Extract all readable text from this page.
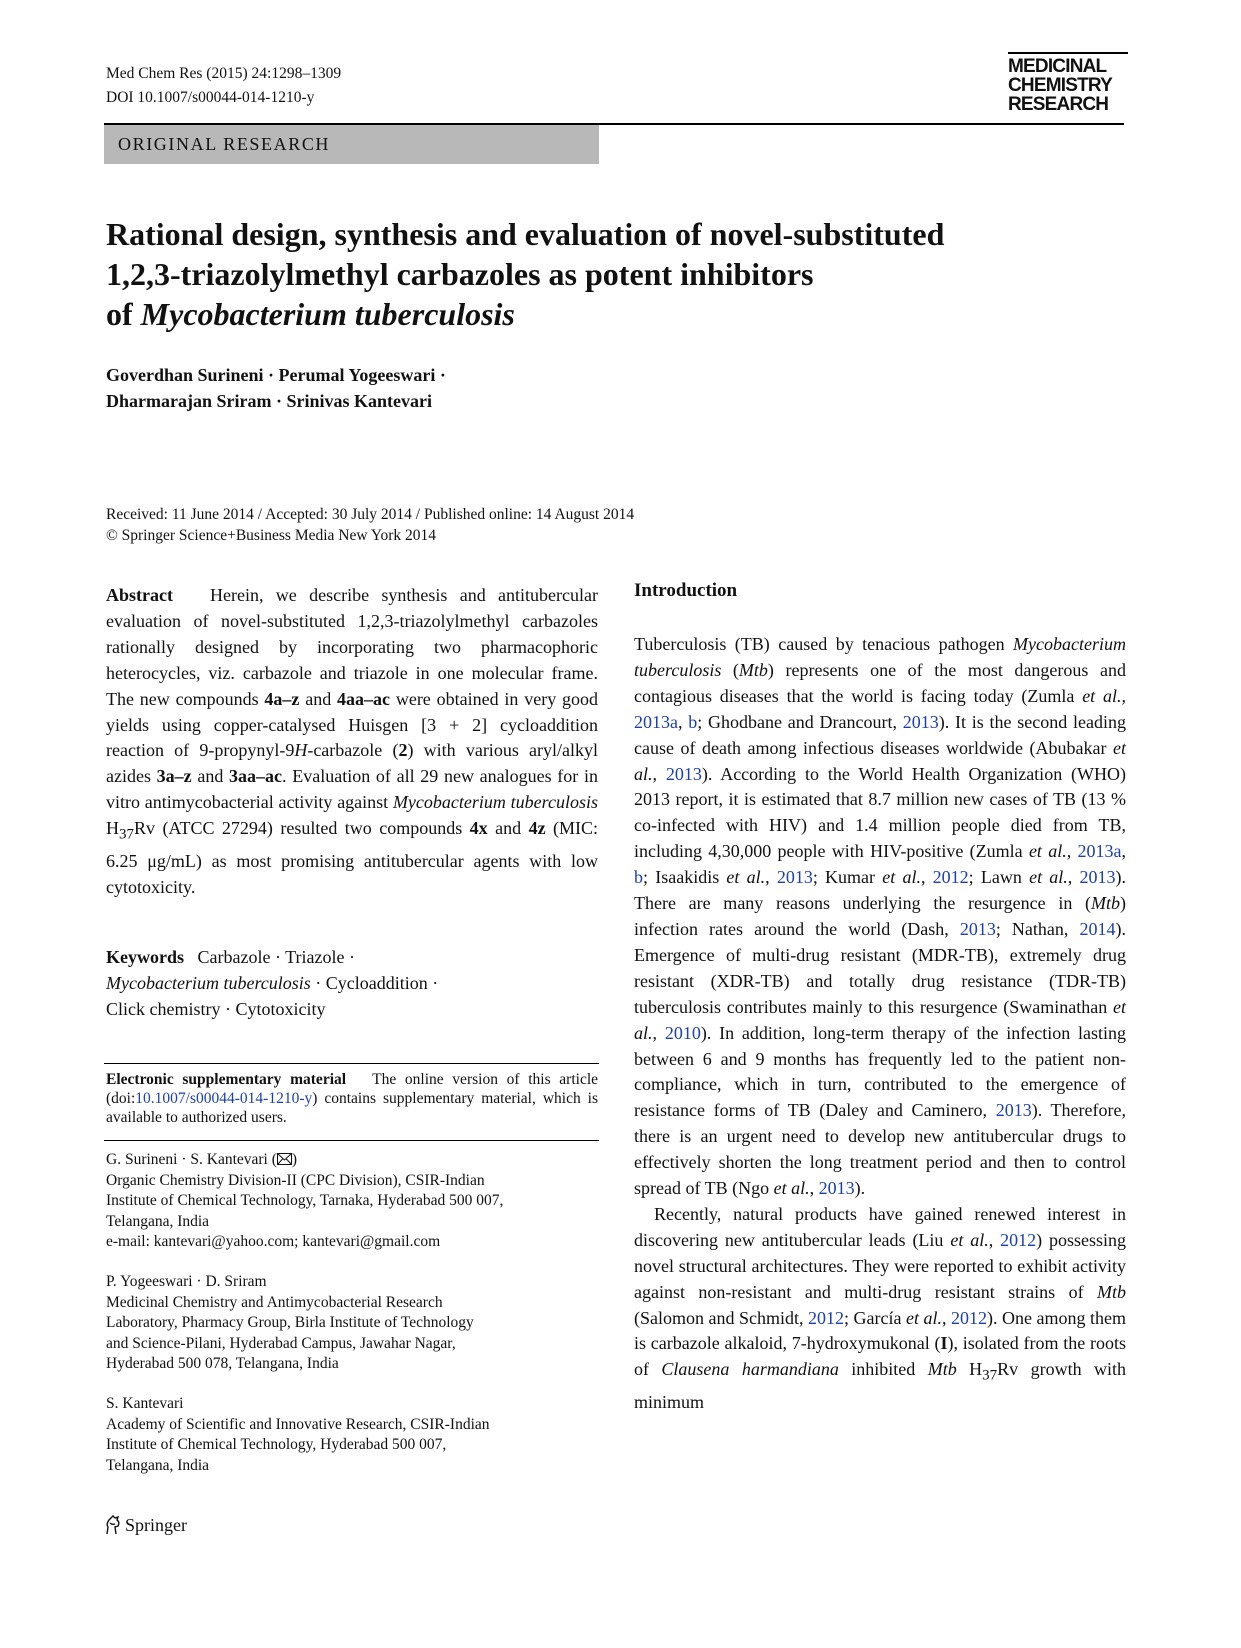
Med Chem Res (2015) 24:1298–1309
DOI 10.1007/s00044-014-1210-y
MEDICINAL
CHEMISTRY
RESEARCH
ORIGINAL RESEARCH
Rational design, synthesis and evaluation of novel-substituted
1,2,3-triazolylmethyl carbazoles as potent inhibitors
of Mycobacterium tuberculosis
Goverdhan Surineni · Perumal Yogeeswari ·
Dharmarajan Sriram · Srinivas Kantevari
Received: 11 June 2014 / Accepted: 30 July 2014 / Published online: 14 August 2014
© Springer Science+Business Media New York 2014
Abstract Herein, we describe synthesis and antitubercular evaluation of novel-substituted 1,2,3-triazolylmethyl carbazoles rationally designed by incorporating two pharmacophoric heterocycles, viz. carbazole and triazole in one molecular frame. The new compounds 4a–z and 4aa–ac were obtained in very good yields using copper-catalysed Huisgen [3 + 2] cycloaddition reaction of 9-propynyl-9H-carbazole (2) with various aryl/alkyl azides 3a–z and 3aa–ac. Evaluation of all 29 new analogues for in vitro antimycobacterial activity against Mycobacterium tuberculosis $H_{37}Rv$ (ATCC 27294) resulted two compounds 4x and 4z (MIC: 6.25 μg/mL) as most promising antitubercular agents with low cytotoxicity.
Keywords Carbazole · Triazole ·
Mycobacterium tuberculosis · Cycloaddition ·
Click chemistry · Cytotoxicity
Electronic supplementary material The online version of this article (doi:10.1007/s00044-014-1210-y) contains supplementary material, which is available to authorized users.
G. Surineni · S. Kantevari ( )
Organic Chemistry Division-II (CPC Division), CSIR-Indian
Institute of Chemical Technology, Tarnaka, Hyderabad 500 007,
Telangana, India
e-mail: kantevari@yahoo.com; kantevari@gmail.com
P. Yogeeswari · D. Sriram
Medicinal Chemistry and Antimycobacterial Research
Laboratory, Pharmacy Group, Birla Institute of Technology
and Science-Pilani, Hyderabad Campus, Jawahar Nagar,
Hyderabad 500 078, Telangana, India
S. Kantevari
Academy of Scientific and Innovative Research, CSIR-Indian
Institute of Chemical Technology, Hyderabad 500 007,
Telangana, India
Introduction

Tuberculosis (TB) caused by tenacious pathogen Mycobacterium tuberculosis (Mtb) represents one of the most dangerous and contagious diseases that the world is facing today (Zumla et al., 2013a, b; Ghodbane and Drancourt, 2013). It is the second leading cause of death among infectious diseases worldwide (Abubakar et al., 2013). According to the World Health Organization (WHO) 2013 report, it is estimated that 8.7 million new cases of TB (13 % co-infected with HIV) and 1.4 million people died from TB, including 4,30,000 people with HIV-positive (Zumla et al., 2013a, b; Isaakidis et al., 2013; Kumar et al., 2012; Lawn et al., 2013). There are many reasons underlying the resurgence in (Mtb) infection rates around the world (Dash, 2013; Nathan, 2014). Emergence of multi-drug resistant (MDR-TB), extremely drug resistant (XDR-TB) and totally drug resistance (TDR-TB) tuberculosis contributes mainly to this resurgence (Swaminathan et al., 2010). In addition, long-term therapy of the infection lasting between 6 and 9 months has frequently led to the patient non-compliance, which in turn, contributed to the emergence of resistance forms of TB (Daley and Caminero, 2013). Therefore, there is an urgent need to develop new antitubercular drugs to effectively shorten the long treatment period and then to control spread of TB (Ngo et al., 2013).

Recently, natural products have gained renewed interest in discovering new antitubercular leads (Liu et al., 2012) possessing novel structural architectures. They were reported to exhibit activity against non-resistant and multi-drug resistant strains of Mtb (Salomon and Schmidt, 2012; García et al., 2012). One among them is carbazole alkaloid, 7-hydroxymukonal (I), isolated from the roots of Clausena harmandiana inhibited Mtb $H_{37}Rv$ growth with minimum

Springer
